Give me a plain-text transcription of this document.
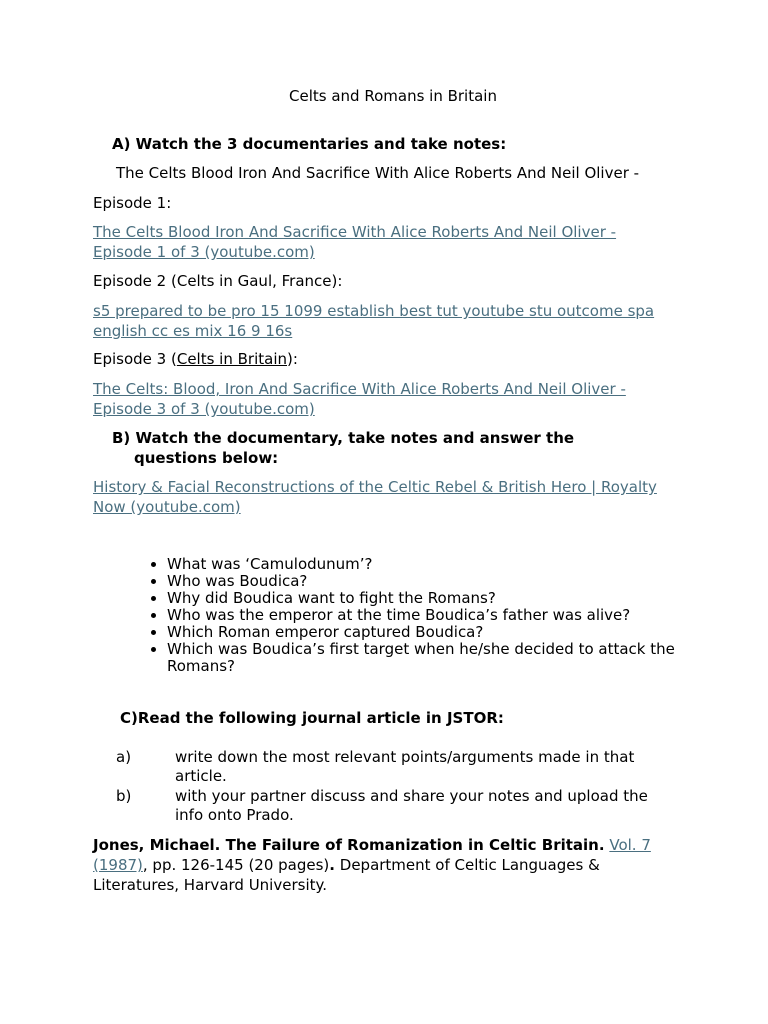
Celts and Romans in Britain

A) Watch the 3 documentaries and take notes:

The Celts Blood Iron And Sacrifice With Alice Roberts And Neil Oliver -

Episode 1:

The Celts Blood Iron And Sacrifice With Alice Roberts And Neil Oliver -
Episode 1 of 3 (youtube.com)

Episode 2 (Celts in Gaul, France):

s5 prepared to be pro 15 1099 establish best tut youtube stu outcome spa
english cc es mix 16 9 16s

Episode 3 (Celts in Britain):

The Celts: Blood, Iron And Sacrifice With Alice Roberts And Neil Oliver -
Episode 3 of 3 (youtube.com)
B) Watch the documentary, take notes and answer the
questions below:
History & Facial Reconstructions of the Celtic Rebel & British Hero | Royalty
Now (youtube.com)
• What was ‘Camulodunum’?
• Who was Boudica?
• Why did Boudica want to fight the Romans?
• Who was the emperor at the time Boudica’s father was alive?
• Which Roman emperor captured Boudica?
• Which was Boudica’s first target when he/she decided to attack the Romans?

C)Read the following journal article in JSTOR:

a)	write down the most relevant points/arguments made in that article.
b)	with your partner discuss and share your notes and upload the info onto Prado.
Jones, Michael. The Failure of Romanization in Celtic Britain. Vol. 7
(1987), pp. 126-145 (20 pages). Department of Celtic Languages &
Literatures, Harvard University.
